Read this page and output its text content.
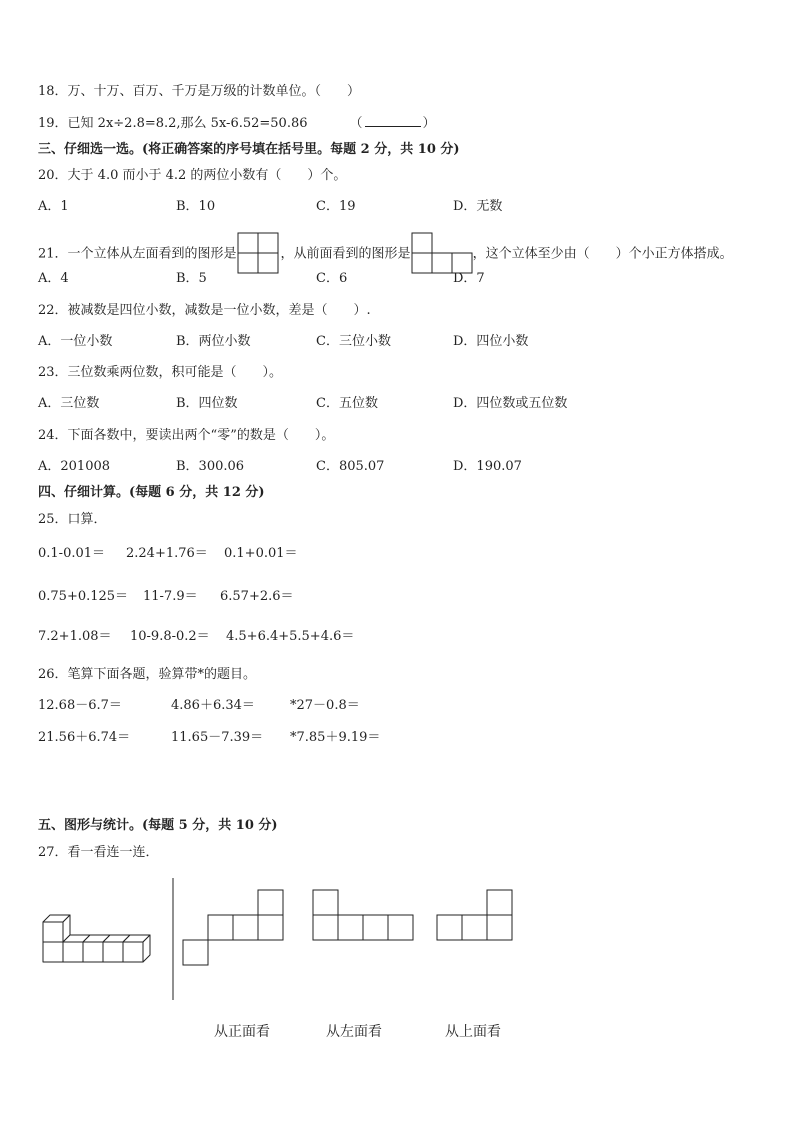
18．万、十万、百万、千万是万级的计数单位。（　　）
19．已知 2x÷2.8=8.2,那么 5x-6.52=50.86	（	）
三、仔细选一选。(将正确答案的序号填在括号里。每题 2 分，共 10 分)
20．大于 4.0 而小于 4.2 的两位小数有（　　）个。
A．1	B．10	C．19	D．无数
21．一个立体从左面看到的图形是	，从前面看到的图形是	，这个立体至少由（　　）个小正方体搭成。
A．4	B．5	C．6	D．7
22．被减数是四位小数，减数是一位小数，差是（　　）.
A．一位小数	B．两位小数	C．三位小数	D．四位小数
23．三位数乘两位数，积可能是（　　）。
A．三位数	B．四位数	C．五位数	D．四位数或五位数
24．下面各数中，要读出两个“零”的数是（　　）。
A．201008	B．300.06	C．805.07	D．190.07
四、仔细计算。(每题 6 分，共 12 分)
25．口算．
0.1-0.01＝ 2.24+1.76＝ 0.1+0.01＝
0.75+0.125＝ 11-7.9＝ 6.57+2.6＝
7.2+1.08＝ 10-9.8-0.2＝ 4.5+6.4+5.5+4.6＝
26．笔算下面各题，验算带*的题目。
12.68－6.7＝	4.86＋6.34＝	*27－0.8＝
21.56＋6.74＝	11.65－7.39＝ *7.85＋9.19＝
五、图形与统计。(每题 5 分，共 10 分)
27．看一看连一连．
从正面看	从左面看	从上面看
